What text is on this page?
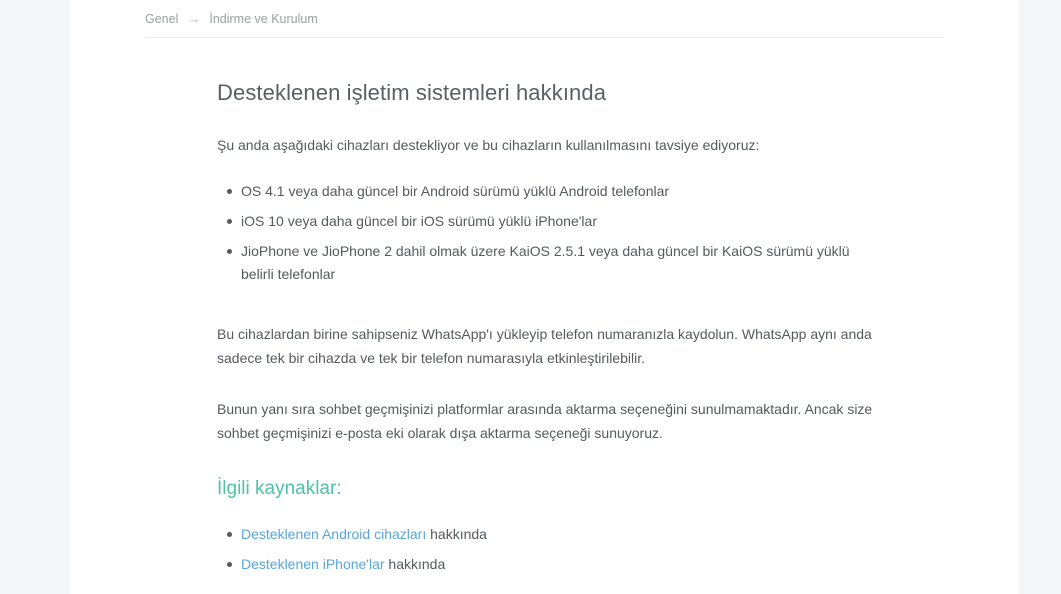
Genel → İndirme ve Kurulum
Desteklenen işletim sistemleri hakkında

Şu anda aşağıdaki cihazları destekliyor ve bu cihazların kullanılmasını tavsiye ediyoruz:

OS 4.1 veya daha güncel bir Android sürümü yüklü Android telefonlar
iOS 10 veya daha güncel bir iOS sürümü yüklü iPhone'lar
JioPhone ve JioPhone 2 dahil olmak üzere KaiOS 2.5.1 veya daha güncel bir KaiOS sürümü yüklü belirli telefonlar

Bu cihazlardan birine sahipseniz WhatsApp'ı yükleyip telefon numaranızla kaydolun. WhatsApp aynı anda sadece tek bir cihazda ve tek bir telefon numarasıyla etkinleştirilebilir.

Bunun yanı sıra sohbet geçmişinizi platformlar arasında aktarma seçeneğini sunulmamaktadır. Ancak size sohbet geçmişinizi e-posta eki olarak dışa aktarma seçeneği sunuyoruz.

İlgili kaynaklar:
Desteklenen Android cihazları hakkında
Desteklenen iPhone'lar hakkında
